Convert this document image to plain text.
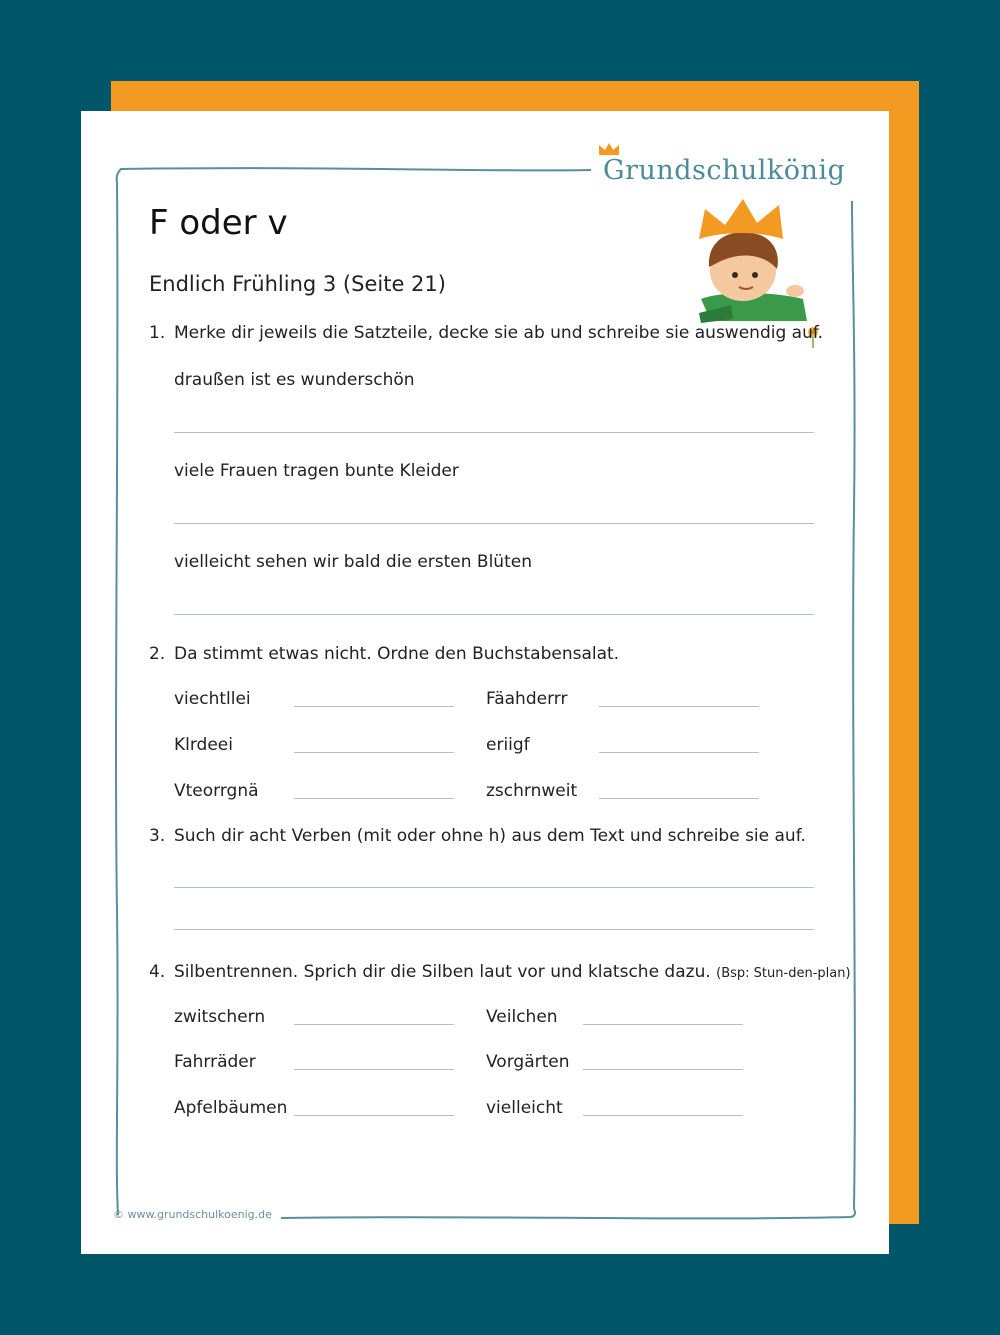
Grundschulkönig
F oder v
Endlich Frühling 3 (Seite 21)
1. Merke dir jeweils die Satzteile, decke sie ab und schreibe sie auswendig auf.
draußen ist es wunderschön
viele Frauen tragen bunte Kleider
vielleicht sehen wir bald die ersten Blüten
2. Da stimmt etwas nicht. Ordne den Buchstabensalat.
viechtllei	Fäahderrr
Klrdeei	eriigf
Vteorrgnä	zschrnweit
3. Such dir acht Verben (mit oder ohne h) aus dem Text und schreibe sie auf.
4. Silbentrennen. Sprich dir die Silben laut vor und klatsche dazu. (Bsp: Stun-den-plan)
zwitschern	Veilchen
Fahrräder	Vorgärten
Apfelbäumen	vielleicht
© www.grundschulkoenig.de
